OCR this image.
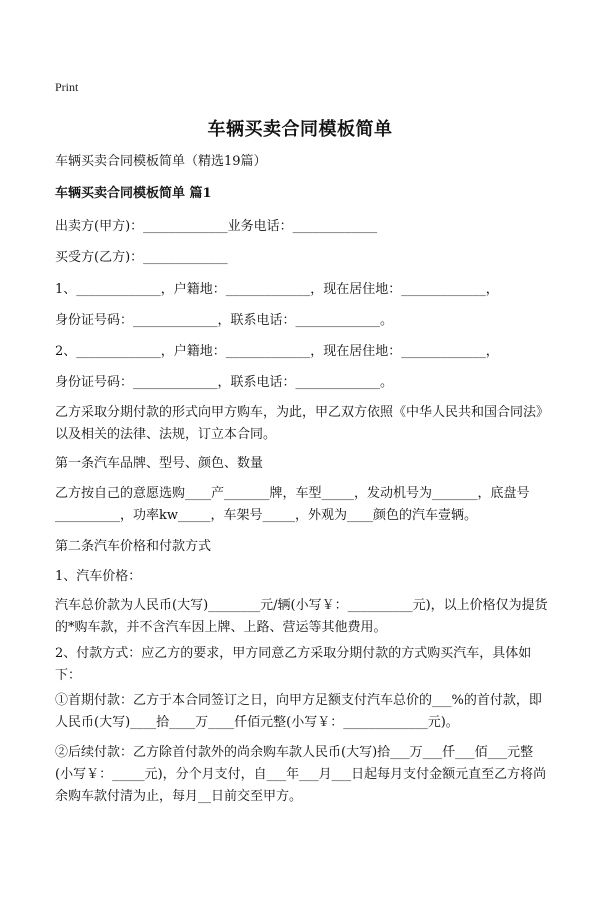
Print
车辆买卖合同模板简单
车辆买卖合同模板简单（精选19篇）
车辆买卖合同模板简单 篇1
出卖方(甲方)：_____________业务电话：_____________
买受方(乙方)：_____________
1、_____________，户籍地：_____________，现在居住地：_____________，
身份证号码：_____________，联系电话：_____________。
2、_____________，户籍地：_____________，现在居住地：_____________，
身份证号码：_____________，联系电话：_____________。
乙方采取分期付款的形式向甲方购车，为此，甲乙双方依照《中华人民共和国合同法》以及相关的法律、法规，订立本合同。
第一条汽车品牌、型号、颜色、数量
乙方按自己的意愿选购____产_______牌，车型_____，发动机号为_______，底盘号__________，功率kw_____，车架号_____，外观为____颜色的汽车壹辆。
第二条汽车价格和付款方式
1、汽车价格：
汽车总价款为人民币(大写)________元/辆(小写￥：__________元)，以上价格仅为提货的*购车款，并不含汽车因上牌、上路、营运等其他费用。
2、付款方式：应乙方的要求，甲方同意乙方采取分期付款的方式购买汽车，具体如下：
①首期付款：乙方于本合同签订之日，向甲方足额支付汽车总价的___%的首付款，即人民币(大写)____拾____万____仟佰元整(小写￥：_____________元)。
②后续付款：乙方除首付款外的尚余购车款人民币(大写)拾___万___仟___佰___元整(小写￥：_____元)，分个月支付，自___年___月___日起每月支付金额元直至乙方将尚余购车款付清为止，每月__日前交至甲方。
